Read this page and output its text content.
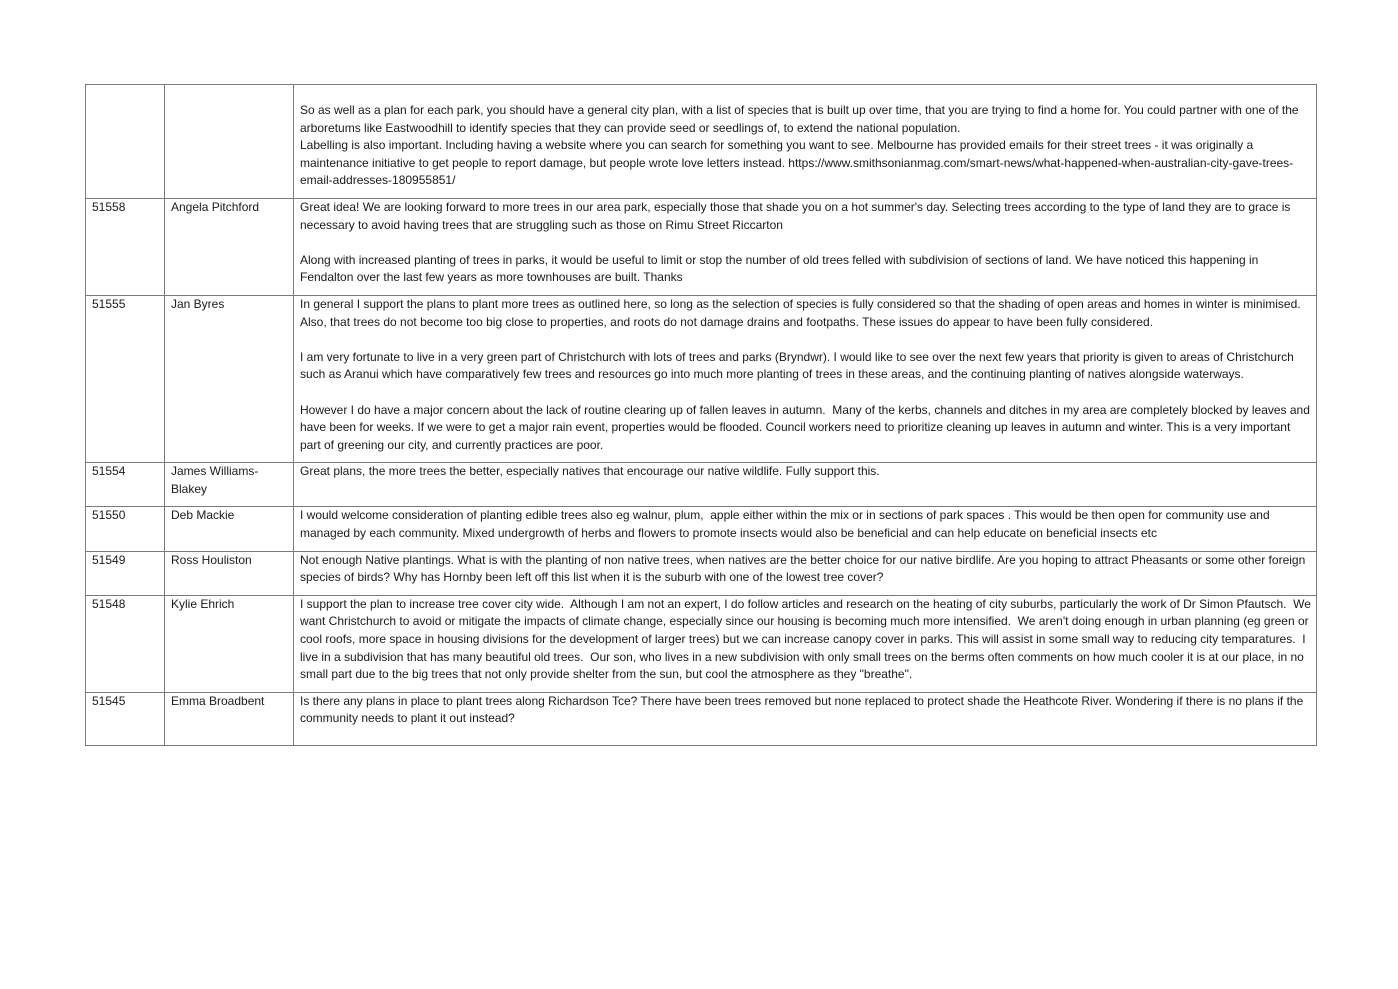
		So as well as a plan for each park, you should have a general city plan, with a list of species that is built up over time, that you are trying to find a home for. You could partner with one of the arboretums like Eastwoodhill to identify species that they can provide seed or seedlings of, to extend the national population.
Labelling is also important. Including having a website where you can search for something you want to see. Melbourne has provided emails for their street trees - it was originally a maintenance initiative to get people to report damage, but people wrote love letters instead. https://www.smithsonianmag.com/smart-news/what-happened-when-australian-city-gave-trees-email-addresses-180955851/

51558	Angela Pitchford	Great idea! We are looking forward to more trees in our area park, especially those that shade you on a hot summer's day. Selecting trees according to the type of land they are to grace is necessary to avoid having trees that are struggling such as those on Rimu Street Riccarton

Along with increased planting of trees in parks, it would be useful to limit or stop the number of old trees felled with subdivision of sections of land. We have noticed this happening in Fendalton over the last few years as more townhouses are built. Thanks

51555	Jan Byres	In general I support the plans to plant more trees as outlined here, so long as the selection of species is fully considered so that the shading of open areas and homes in winter is minimised. Also, that trees do not become too big close to properties, and roots do not damage drains and footpaths. These issues do appear to have been fully considered.

I am very fortunate to live in a very green part of Christchurch with lots of trees and parks (Bryndwr). I would like to see over the next few years that priority is given to areas of Christchurch such as Aranui which have comparatively few trees and resources go into much more planting of trees in these areas, and the continuing planting of natives alongside waterways.

However I do have a major concern about the lack of routine clearing up of fallen leaves in autumn.  Many of the kerbs, channels and ditches in my area are completely blocked by leaves and have been for weeks. If we were to get a major rain event, properties would be flooded. Council workers need to prioritize cleaning up leaves in autumn and winter. This is a very important part of greening our city, and currently practices are poor.

51554	James Williams-Blakey	Great plans, the more trees the better, especially natives that encourage our native wildlife. Fully support this.

51550	Deb Mackie	I would welcome consideration of planting edible trees also eg walnur, plum,  apple either within the mix or in sections of park spaces . This would be then open for community use and managed by each community. Mixed undergrowth of herbs and flowers to promote insects would also be beneficial and can help educate on beneficial insects etc

51549	Ross Houliston	Not enough Native plantings. What is with the planting of non native trees, when natives are the better choice for our native birdlife. Are you hoping to attract Pheasants or some other foreign species of birds? Why has Hornby been left off this list when it is the suburb with one of the lowest tree cover?

51548	Kylie Ehrich	I support the plan to increase tree cover city wide.  Although I am not an expert, I do follow articles and research on the heating of city suburbs, particularly the work of Dr Simon Pfautsch.  We want Christchurch to avoid or mitigate the impacts of climate change, especially since our housing is becoming much more intensified.  We aren't doing enough in urban planning (eg green or cool roofs, more space in housing divisions for the development of larger trees) but we can increase canopy cover in parks. This will assist in some small way to reducing city temparatures.  I live in a subdivision that has many beautiful old trees.  Our son, who lives in a new subdivision with only small trees on the berms often comments on how much cooler it is at our place, in no small part due to the big trees that not only provide shelter from the sun, but cool the atmosphere as they "breathe".

51545	Emma Broadbent	Is there any plans in place to plant trees along Richardson Tce? There have been trees removed but none replaced to protect shade the Heathcote River. Wondering if there is no plans if the community needs to plant it out instead?
